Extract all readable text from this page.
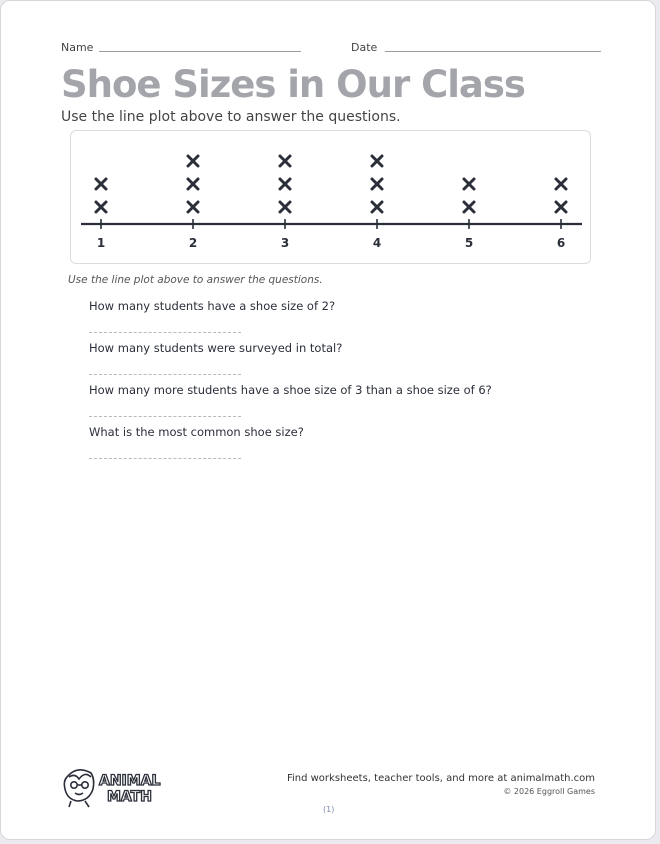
Name	Date
Shoe Sizes in Our Class
Use the line plot above to answer the questions.
1	2	3	4	5	6
Use the line plot above to answer the questions.
How many students have a shoe size of 2?
How many students were surveyed in total?
How many more students have a shoe size of 3 than a shoe size of 6?
What is the most common shoe size?
ANIMAL
MATH
Find worksheets, teacher tools, and more at animalmath.com
© 2026 Eggroll Games
(1)
